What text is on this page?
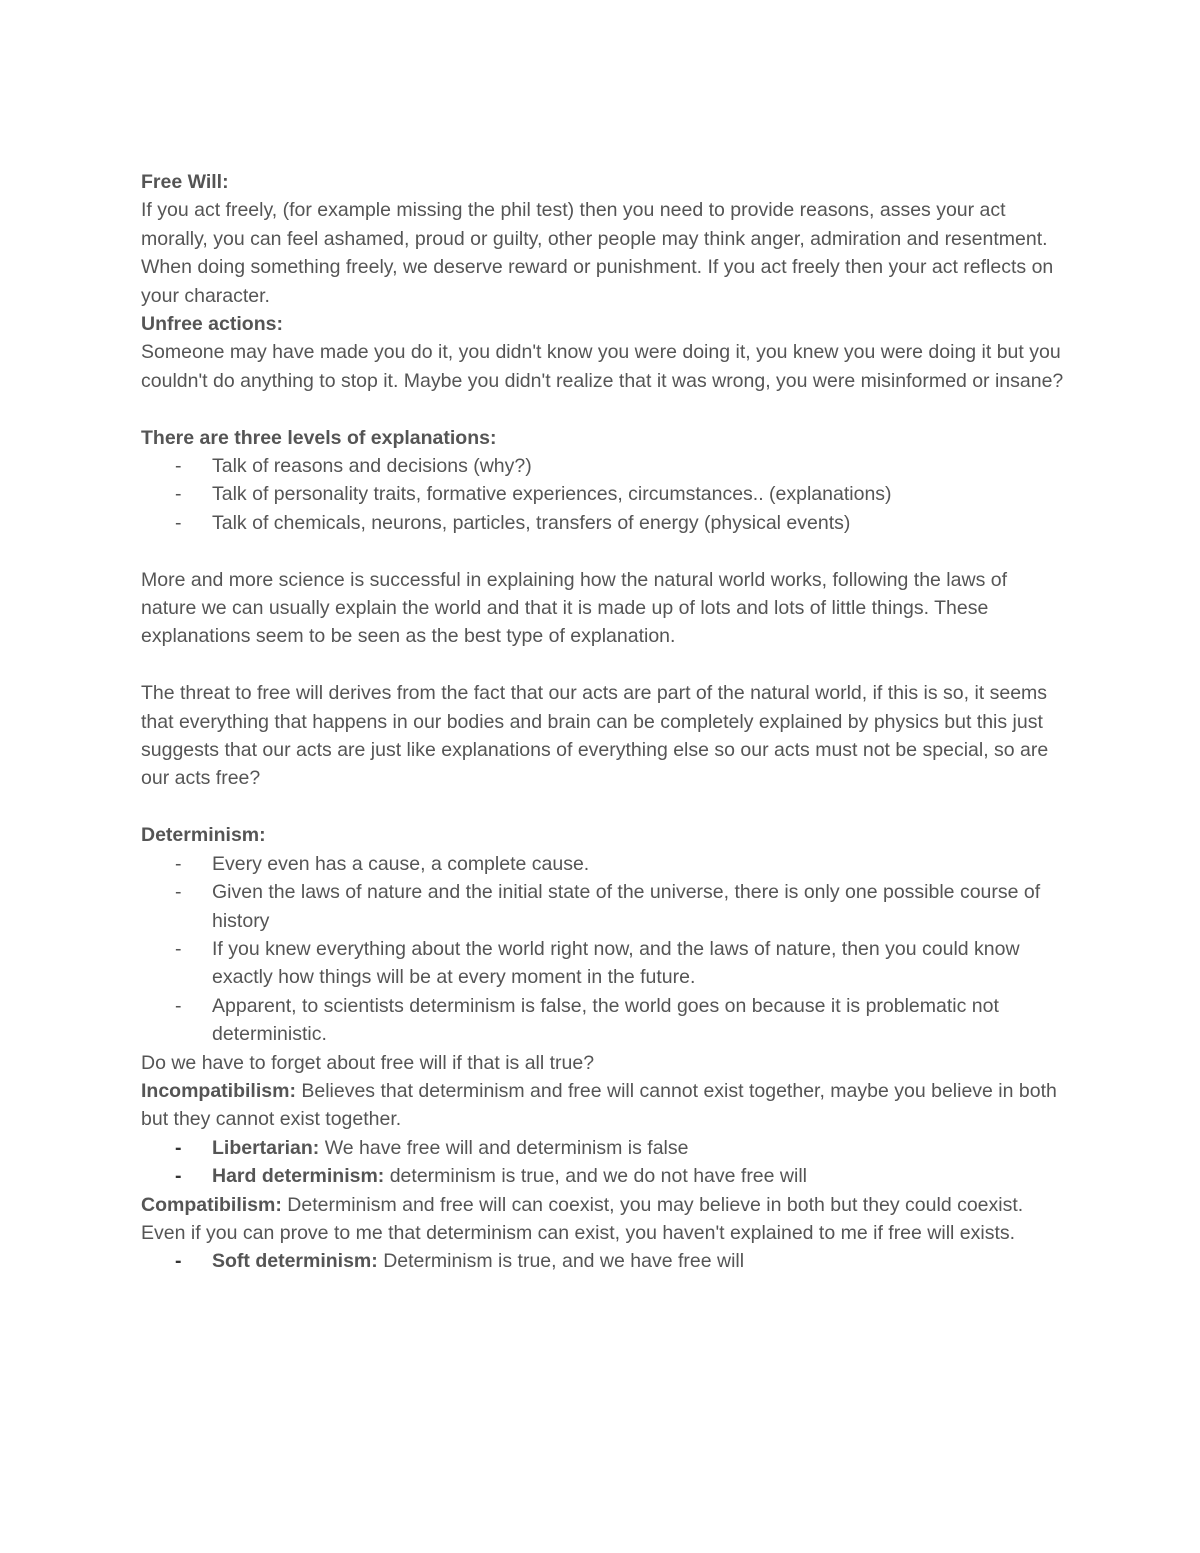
Free Will:

If you act freely, (for example missing the phil test) then you need to provide reasons, asses your act morally, you can feel ashamed, proud or guilty, other people may think anger, admiration and resentment. When doing something freely, we deserve reward or punishment. If you act freely then your act reflects on your character.

Unfree actions:

Someone may have made you do it, you didn't know you were doing it, you knew you were doing it but you couldn't do anything to stop it. Maybe you didn't realize that it was wrong, you were misinformed or insane?

There are three levels of explanations:

- Talk of reasons and decisions (why?)
- Talk of personality traits, formative experiences, circumstances.. (explanations)
- Talk of chemicals, neurons, particles, transfers of energy (physical events)

More and more science is successful in explaining how the natural world works, following the laws of nature we can usually explain the world and that it is made up of lots and lots of little things. These explanations seem to be seen as the best type of explanation.

The threat to free will derives from the fact that our acts are part of the natural world, if this is so, it seems that everything that happens in our bodies and brain can be completely explained by physics but this just suggests that our acts are just like explanations of everything else so our acts must not be special, so are our acts free?

Determinism:

- Every even has a cause, a complete cause.
- Given the laws of nature and the initial state of the universe, there is only one possible course of history
- If you knew everything about the world right now, and the laws of nature, then you could know exactly how things will be at every moment in the future.
- Apparent, to scientists determinism is false, the world goes on because it is problematic not deterministic.

Do we have to forget about free will if that is all true?

Incompatibilism: Believes that determinism and free will cannot exist together, maybe you believe in both but they cannot exist together.

- Libertarian: We have free will and determinism is false
- Hard determinism: determinism is true, and we do not have free will

Compatibilism: Determinism and free will can coexist, you may believe in both but they could coexist. Even if you can prove to me that determinism can exist, you haven't explained to me if free will exists.

- Soft determinism: Determinism is true, and we have free will
